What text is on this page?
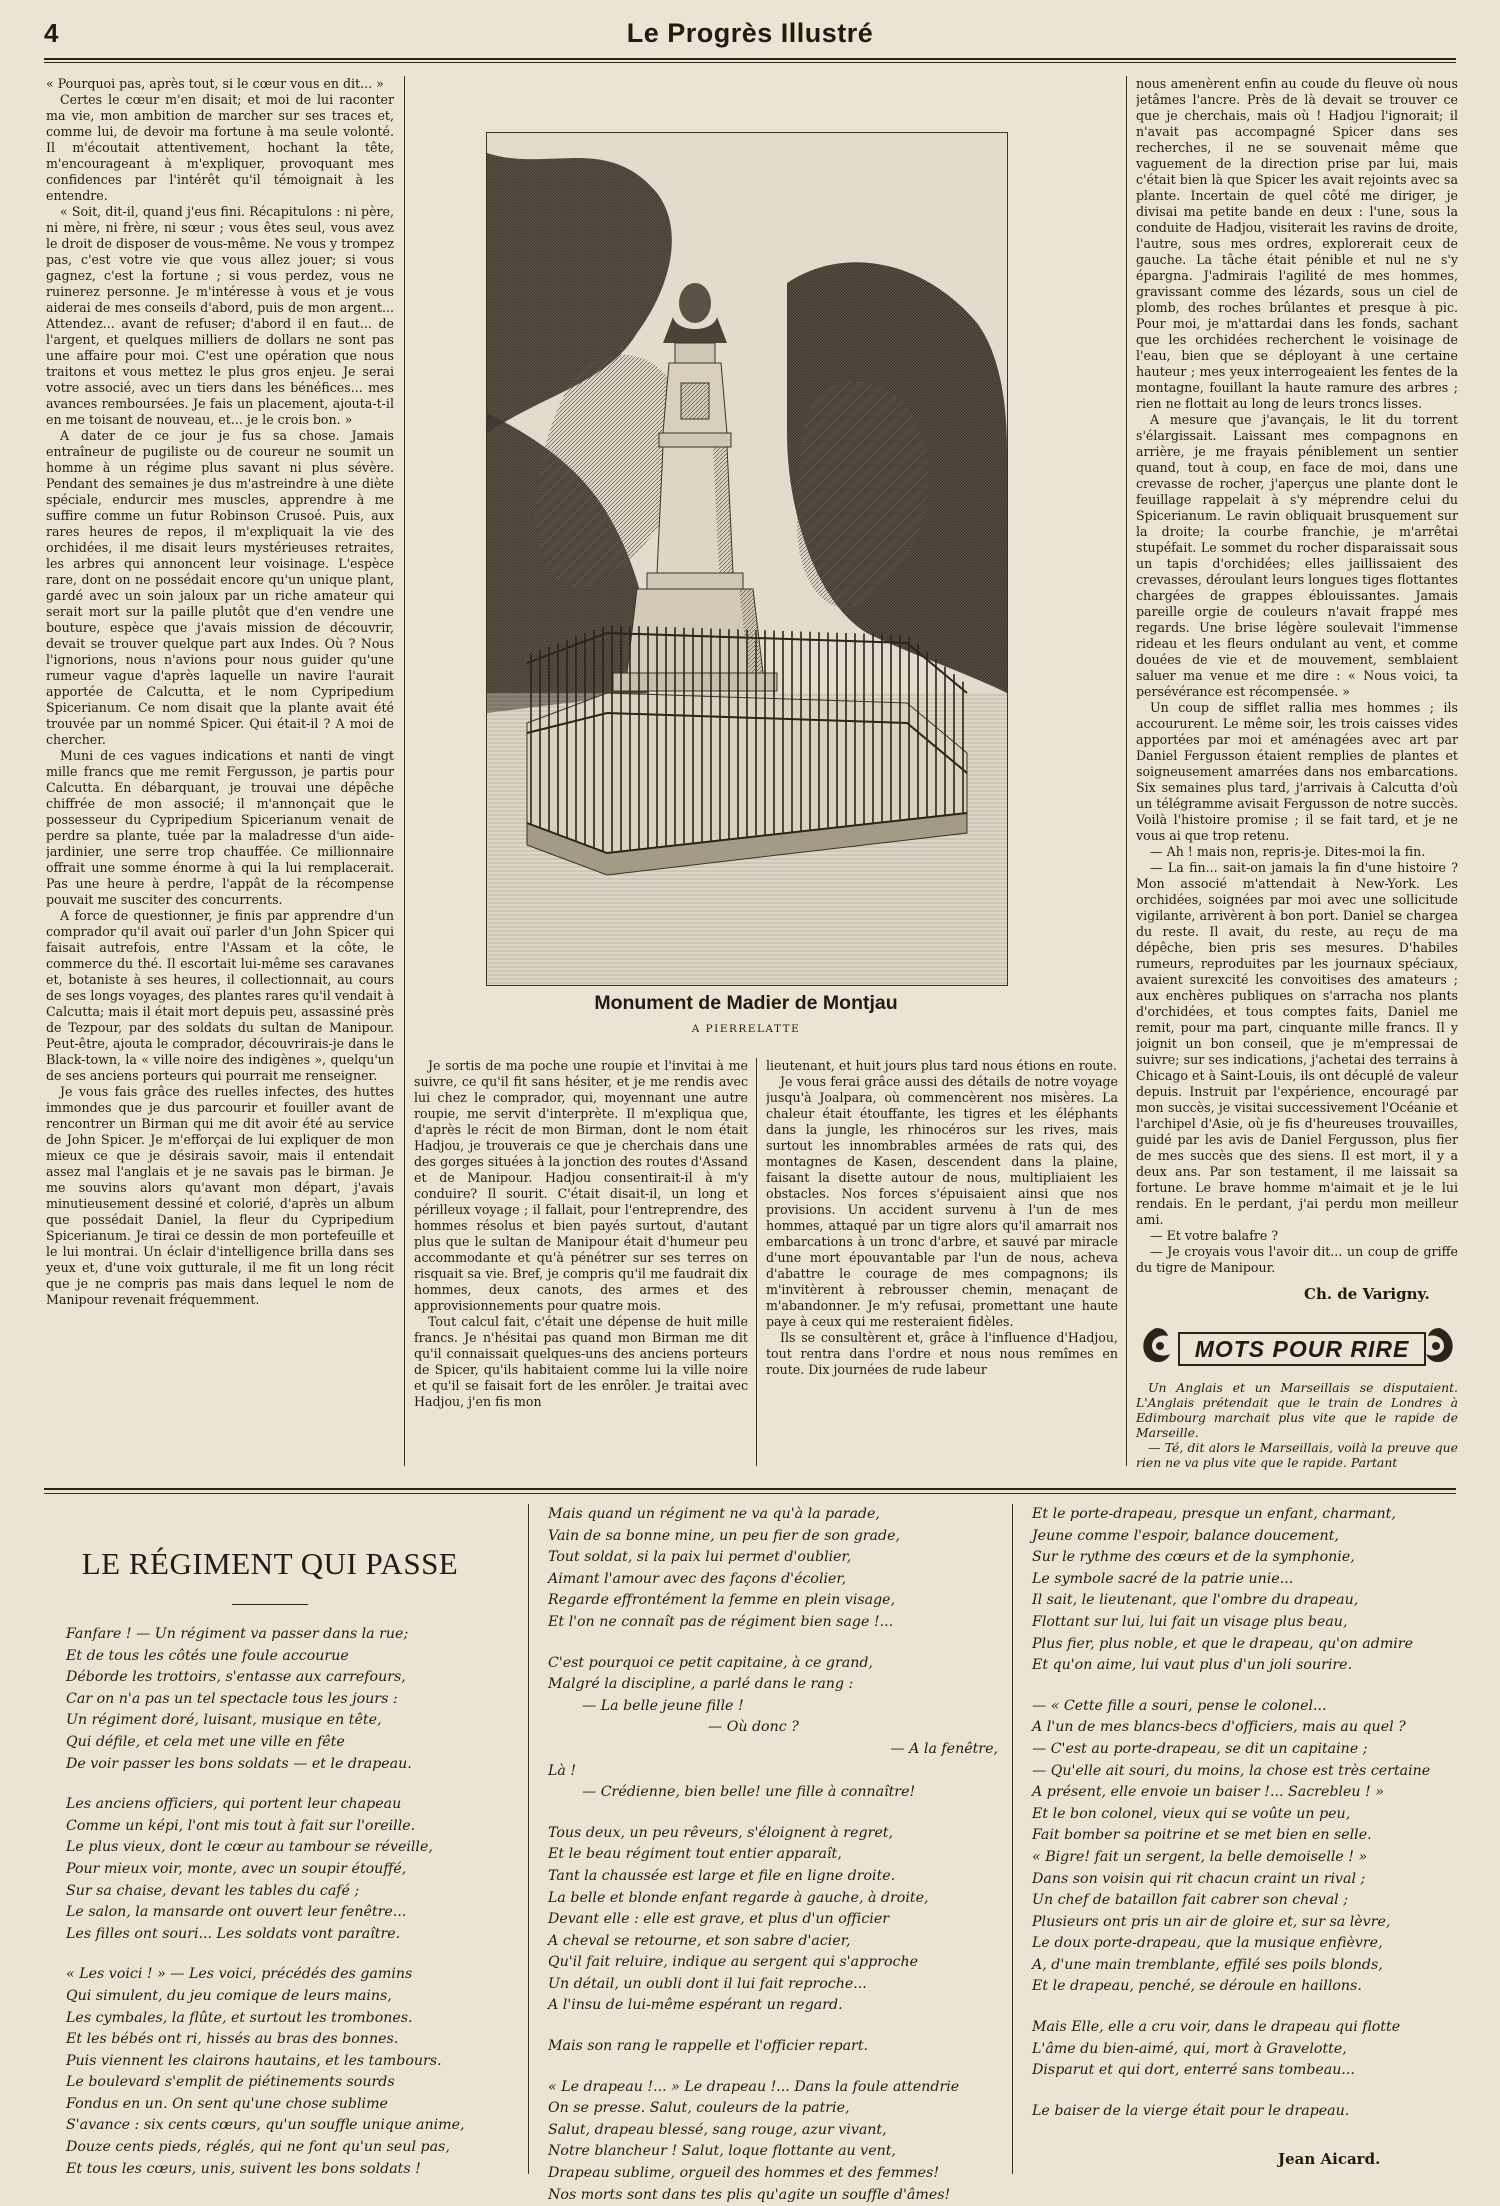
4	Le Progrès Illustré

« Pourquoi pas, après tout, si le cœur vous en dit... »

Certes le cœur m'en disait; et moi de lui raconter ma vie, mon ambition de marcher sur ses traces et, comme lui, de devoir ma fortune à ma seule volonté. Il m'écoutait attentivement, hochant la tête, m'encourageant à m'expliquer, provoquant mes confidences par l'intérêt qu'il témoignait à les entendre.

« Soit, dit-il, quand j'eus fini. Récapitulons : ni père, ni mère, ni frère, ni sœur ; vous êtes seul, vous avez le droit de disposer de vous-même. Ne vous y trompez pas, c'est votre vie que vous allez jouer; si vous gagnez, c'est la fortune ; si vous perdez, vous ne ruinerez personne. Je m'intéresse à vous et je vous aiderai de mes conseils d'abord, puis de mon argent... Attendez... avant de refuser; d'abord il en faut... de l'argent, et quelques milliers de dollars ne sont pas une affaire pour moi. C'est une opération que nous traitons et vous mettez le plus gros enjeu. Je serai votre associé, avec un tiers dans les bénéfices... mes avances remboursées. Je fais un placement, ajouta-t-il en me toisant de nouveau, et... je le crois bon. »

A dater de ce jour je fus sa chose. Jamais entraîneur de pugiliste ou de coureur ne soumit un homme à un régime plus savant ni plus sévère. Pendant des semaines je dus m'astreindre à une diète spéciale, endurcir mes muscles, apprendre à me suffire comme un futur Robinson Crusoé. Puis, aux rares heures de repos, il m'expliquait la vie des orchidées, il me disait leurs mystérieuses retraites, les arbres qui annoncent leur voisinage. L'espèce rare, dont on ne possédait encore qu'un unique plant, gardé avec un soin jaloux par un riche amateur qui serait mort sur la paille plutôt que d'en vendre une bouture, espèce que j'avais mission de découvrir, devait se trouver quelque part aux Indes. Où ? Nous l'ignorions, nous n'avions pour nous guider qu'une rumeur vague d'après laquelle un navire l'aurait apportée de Calcutta, et le nom Cypripedium Spicerianum. Ce nom disait que la plante avait été trouvée par un nommé Spicer. Qui était-il ? A moi de chercher.

Muni de ces vagues indications et nanti de vingt mille francs que me remit Fergusson, je partis pour Calcutta. En débarquant, je trouvai une dépêche chiffrée de mon associé; il m'annonçait que le possesseur du Cypripedium Spicerianum venait de perdre sa plante, tuée par la maladresse d'un aide-jardinier, une serre trop chauffée. Ce millionnaire offrait une somme énorme à qui la lui remplacerait. Pas une heure à perdre, l'appât de la récompense pouvait me susciter des concurrents.

A force de questionner, je finis par apprendre d'un comprador qu'il avait ouï parler d'un John Spicer qui faisait autrefois, entre l'Assam et la côte, le commerce du thé. Il escortait lui-même ses caravanes et, botaniste à ses heures, il collectionnait, au cours de ses longs voyages, des plantes rares qu'il vendait à Calcutta; mais il était mort depuis peu, assassiné près de Tezpour, par des soldats du sultan de Manipour. Peut-être, ajouta le comprador, découvrirais-je dans le Black-town, la « ville noire des indigènes », quelqu'un de ses anciens porteurs qui pourrait me renseigner.

Je vous fais grâce des ruelles infectes, des huttes immondes que je dus parcourir et fouiller avant de rencontrer un Birman qui me dit avoir été au service de John Spicer. Je m'efforçai de lui expliquer de mon mieux ce que je désirais savoir, mais il entendait assez mal l'anglais et je ne savais pas le birman. Je me souvins alors qu'avant mon départ, j'avais minutieusement dessiné et colorié, d'après un album que possédait Daniel, la fleur du Cypripedium Spicerianum. Je tirai ce dessin de mon portefeuille et le lui montrai. Un éclair d'intelligence brilla dans ses yeux et, d'une voix gutturale, il me fit un long récit que je ne compris pas mais dans lequel le nom de Manipour revenait fréquemment.

Monument de Madier de Montjau
A PIERRELATTE

Je sortis de ma poche une roupie et l'invitai à me suivre, ce qu'il fit sans hésiter, et je me rendis avec lui chez le comprador, qui, moyennant une autre roupie, me servit d'interprète. Il m'expliqua que, d'après le récit de mon Birman, dont le nom était Hadjou, je trouverais ce que je cherchais dans une des gorges situées à la jonction des routes d'Assand et de Manipour. Hadjou consentirait-il à m'y conduire? Il sourit. C'était disait-il, un long et périlleux voyage ; il fallait, pour l'entreprendre, des hommes résolus et bien payés surtout, d'autant plus que le sultan de Manipour était d'humeur peu accommodante et qu'à pénétrer sur ses terres on risquait sa vie. Bref, je compris qu'il me faudrait dix hommes, deux canots, des armes et des approvisionnements pour quatre mois.

Tout calcul fait, c'était une dépense de huit mille francs. Je n'hésitai pas quand mon Birman me dit qu'il connaissait quelques-uns des anciens porteurs de Spicer, qu'ils habitaient comme lui la ville noire et qu'il se faisait fort de les enrôler. Je traitai avec Hadjou, j'en fis mon

lieutenant, et huit jours plus tard nous étions en route.

Je vous ferai grâce aussi des détails de notre voyage jusqu'à Joalpara, où commencèrent nos misères. La chaleur était étouffante, les tigres et les éléphants dans la jungle, les rhinocéros sur les rives, mais surtout les innombrables armées de rats qui, des montagnes de Kasen, descendent dans la plaine, faisant la disette autour de nous, multipliaient les obstacles. Nos forces s'épuisaient ainsi que nos provisions. Un accident survenu à l'un de mes hommes, attaqué par un tigre alors qu'il amarrait nos embarcations à un tronc d'arbre, et sauvé par miracle d'une mort épouvantable par l'un de nous, acheva d'abattre le courage de mes compagnons; ils m'invitèrent à rebrousser chemin, menaçant de m'abandonner. Je m'y refusai, promettant une haute paye à ceux qui me resteraient fidèles.

Ils se consultèrent et, grâce à l'influence d'Hadjou, tout rentra dans l'ordre et nous nous remîmes en route. Dix journées de rude labeur

nous amenèrent enfin au coude du fleuve où nous jetâmes l'ancre. Près de là devait se trouver ce que je cherchais, mais où ! Hadjou l'ignorait; il n'avait pas accompagné Spicer dans ses recherches, il ne se souvenait même que vaguement de la direction prise par lui, mais c'était bien là que Spicer les avait rejoints avec sa plante. Incertain de quel côté me diriger, je divisai ma petite bande en deux : l'une, sous la conduite de Hadjou, visiterait les ravins de droite, l'autre, sous mes ordres, explorerait ceux de gauche. La tâche était pénible et nul ne s'y épargna. J'admirais l'agilité de mes hommes, gravissant comme des lézards, sous un ciel de plomb, des roches brûlantes et presque à pic. Pour moi, je m'attardai dans les fonds, sachant que les orchidées recherchent le voisinage de l'eau, bien que se déployant à une certaine hauteur ; mes yeux interrogeaient les fentes de la montagne, fouillant la haute ramure des arbres ; rien ne flottait au long de leurs troncs lisses.

A mesure que j'avançais, le lit du torrent s'élargissait. Laissant mes compagnons en arrière, je me frayais péniblement un sentier quand, tout à coup, en face de moi, dans une crevasse de rocher, j'aperçus une plante dont le feuillage rappelait à s'y méprendre celui du Spicerianum. Le ravin obliquait brusquement sur la droite; la courbe franchie, je m'arrêtai stupéfait. Le sommet du rocher disparaissait sous un tapis d'orchidées; elles jaillissaient des crevasses, déroulant leurs longues tiges flottantes chargées de grappes éblouissantes. Jamais pareille orgie de couleurs n'avait frappé mes regards. Une brise légère soulevait l'immense rideau et les fleurs ondulant au vent, et comme douées de vie et de mouvement, semblaient saluer ma venue et me dire : « Nous voici, ta persévérance est récompensée. »

Un coup de sifflet rallia mes hommes ; ils accoururent. Le même soir, les trois caisses vides apportées par moi et aménagées avec art par Daniel Fergusson étaient remplies de plantes et soigneusement amarrées dans nos embarcations. Six semaines plus tard, j'arrivais à Calcutta d'où un télégramme avisait Fergusson de notre succès. Voilà l'histoire promise ; il se fait tard, et je ne vous ai que trop retenu.

— Ah ! mais non, repris-je. Dites-moi la fin.

— La fin... sait-on jamais la fin d'une histoire ? Mon associé m'attendait à New-York. Les orchidées, soignées par moi avec une sollicitude vigilante, arrivèrent à bon port. Daniel se chargea du reste. Il avait, du reste, au reçu de ma dépêche, bien pris ses mesures. D'habiles rumeurs, reproduites par les journaux spéciaux, avaient surexcité les convoitises des amateurs ; aux enchères publiques on s'arracha nos plants d'orchidées, et tous comptes faits, Daniel me remit, pour ma part, cinquante mille francs. Il y joignit un bon conseil, que je m'empressai de suivre; sur ses indications, j'achetai des terrains à Chicago et à Saint-Louis, ils ont décuplé de valeur depuis. Instruit par l'expérience, encouragé par mon succès, je visitai successivement l'Océanie et l'archipel d'Asie, où je fis d'heureuses trouvailles, guidé par les avis de Daniel Fergusson, plus fier de mes succès que des siens. Il est mort, il y a deux ans. Par son testament, il me laissait sa fortune. Le brave homme m'aimait et je le lui rendais. En le perdant, j'ai perdu mon meilleur ami.

— Et votre balafre ?

— Je croyais vous l'avoir dit... un coup de griffe du tigre de Manipour.

Ch. de Varigny.
MOTS POUR RIRE

Un Anglais et un Marseillais se disputaient. L'Anglais prétendait que le train de Londres à Edimbourg marchait plus vite que le rapide de Marseille.

— Té, dit alors le Marseillais, voilà la preuve que rien ne va plus vite que le rapide. Partant

LE RÉGIMENT QUI PASSE
Fanfare ! — Un régiment va passer dans la rue;
Et de tous les côtés une foule accourue
Déborde les trottoirs, s'entasse aux carrefours,
Car on n'a pas un tel spectacle tous les jours :
Un régiment doré, luisant, musique en tête,
Qui défile, et cela met une ville en fête
De voir passer les bons soldats — et le drapeau.
Les anciens officiers, qui portent leur chapeau
Comme un képi, l'ont mis tout à fait sur l'oreille.
Le plus vieux, dont le cœur au tambour se réveille,
Pour mieux voir, monte, avec un soupir étouffé,
Sur sa chaise, devant les tables du café ;
Le salon, la mansarde ont ouvert leur fenêtre...
Les filles ont souri... Les soldats vont paraître.
« Les voici ! » — Les voici, précédés des gamins
Qui simulent, du jeu comique de leurs mains,
Les cymbales, la flûte, et surtout les trombones.
Et les bébés ont ri, hissés au bras des bonnes.
Puis viennent les clairons hautains, et les tambours.
Le boulevard s'emplit de piétinements sourds
Fondus en un. On sent qu'une chose sublime
S'avance : six cents cœurs, qu'un souffle unique anime,
Douze cents pieds, réglés, qui ne font qu'un seul pas,
Et tous les cœurs, unis, suivent les bons soldats !
Mais quand un régiment ne va qu'à la parade,
Vain de sa bonne mine, un peu fier de son grade,
Tout soldat, si la paix lui permet d'oublier,
Aimant l'amour avec des façons d'écolier,
Regarde effrontément la femme en plein visage,
Et l'on ne connaît pas de régiment bien sage !...
C'est pourquoi ce petit capitaine, à ce grand,
Malgré la discipline, a parlé dans le rang :
— La belle jeune fille !
— Où donc ?
— A la fenêtre,
Là !
— Crédienne, bien belle! une fille à connaître!
Tous deux, un peu rêveurs, s'éloignent à regret,
Et le beau régiment tout entier apparaît,
Tant la chaussée est large et file en ligne droite.
La belle et blonde enfant regarde à gauche, à droite,
Devant elle : elle est grave, et plus d'un officier
A cheval se retourne, et son sabre d'acier,
Qu'il fait reluire, indique au sergent qui s'approche
Un détail, un oubli dont il lui fait reproche...
A l'insu de lui-même espérant un regard.
Mais son rang le rappelle et l'officier repart.
« Le drapeau !... » Le drapeau !... Dans la foule attendrie
On se presse. Salut, couleurs de la patrie,
Salut, drapeau blessé, sang rouge, azur vivant,
Notre blancheur ! Salut, loque flottante au vent,
Drapeau sublime, orgueil des hommes et des femmes!
Nos morts sont dans tes plis qu'agite un souffle d'âmes!
Et le porte-drapeau, presque un enfant, charmant,
Jeune comme l'espoir, balance doucement,
Sur le rythme des cœurs et de la symphonie,
Le symbole sacré de la patrie unie...
Il sait, le lieutenant, que l'ombre du drapeau,
Flottant sur lui, lui fait un visage plus beau,
Plus fier, plus noble, et que le drapeau, qu'on admire
Et qu'on aime, lui vaut plus d'un joli sourire.
— « Cette fille a souri, pense le colonel...
A l'un de mes blancs-becs d'officiers, mais au quel ?
— C'est au porte-drapeau, se dit un capitaine ;
— Qu'elle ait souri, du moins, la chose est très certaine
A présent, elle envoie un baiser !... Sacrebleu ! »
Et le bon colonel, vieux qui se voûte un peu,
Fait bomber sa poitrine et se met bien en selle.
« Bigre! fait un sergent, la belle demoiselle ! »
Dans son voisin qui rit chacun craint un rival ;
Un chef de bataillon fait cabrer son cheval ;
Plusieurs ont pris un air de gloire et, sur sa lèvre,
Le doux porte-drapeau, que la musique enfièvre,
A, d'une main tremblante, effilé ses poils blonds,
Et le drapeau, penché, se déroule en haillons.
Mais Elle, elle a cru voir, dans le drapeau qui flotte
L'âme du bien-aimé, qui, mort à Gravelotte,
Disparut et qui dort, enterré sans tombeau...
Le baiser de la vierge était pour le drapeau.
Jean Aicard.
